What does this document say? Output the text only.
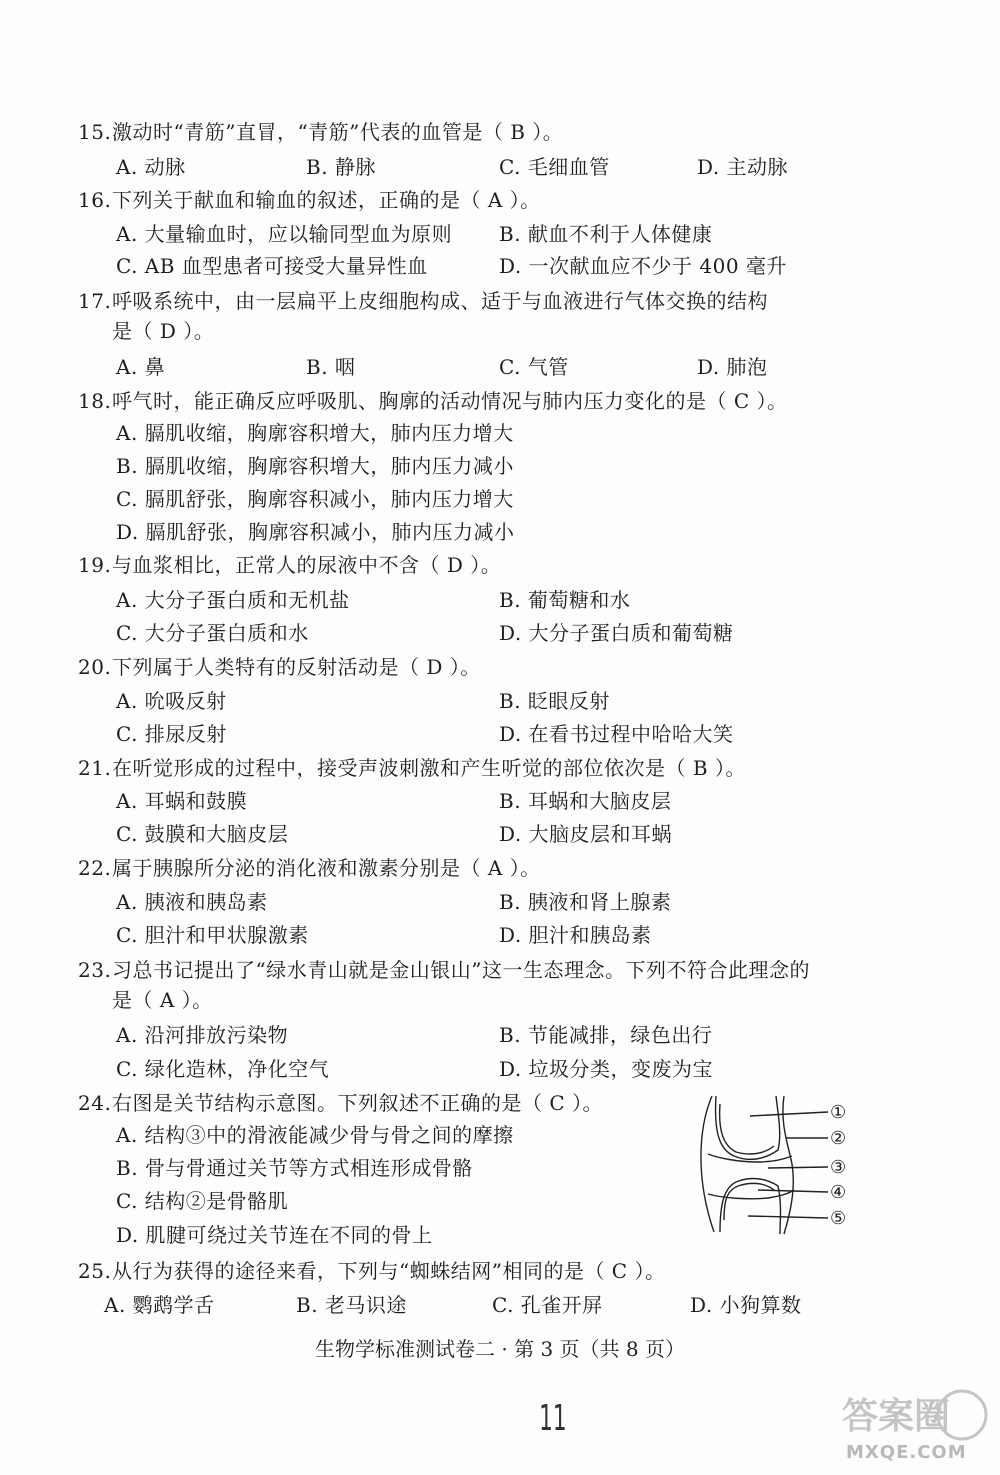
15. 激动时“青筋”直冒，“青筋”代表的血管是（ B ）。
A. 动脉	B. 静脉	C. 毛细血管	D. 主动脉
16. 下列关于献血和输血的叙述，正确的是（ A ）。
A. 大量输血时，应以输同型血为原则 B. 献血不利于人体健康
C. AB 血型患者可接受大量异性血	D. 一次献血应不少于 400 毫升
17. 呼吸系统中，由一层扁平上皮细胞构成、适于与血液进行气体交换的结构
是（ D ）。
A. 鼻	B. 咽	C. 气管	D. 肺泡
18. 呼气时，能正确反应呼吸肌、胸廓的活动情况与肺内压力变化的是（ C ）。
A. 膈肌收缩，胸廓容积增大，肺内压力增大
B. 膈肌收缩，胸廓容积增大，肺内压力减小
C. 膈肌舒张，胸廓容积减小，肺内压力增大
D. 膈肌舒张，胸廓容积减小，肺内压力减小
19. 与血浆相比，正常人的尿液中不含（ D ）。
A. 大分子蛋白质和无机盐	B. 葡萄糖和水
C. 大分子蛋白质和水	D. 大分子蛋白质和葡萄糖
20. 下列属于人类特有的反射活动是（ D ）。
A. 吮吸反射	B. 眨眼反射
C. 排尿反射	D. 在看书过程中哈哈大笑
21. 在听觉形成的过程中，接受声波刺激和产生听觉的部位依次是（ B ）。
A. 耳蜗和鼓膜	B. 耳蜗和大脑皮层
C. 鼓膜和大脑皮层	D. 大脑皮层和耳蜗
22. 属于胰腺所分泌的消化液和激素分别是（ A ）。
A. 胰液和胰岛素	B. 胰液和肾上腺素
C. 胆汁和甲状腺激素	D. 胆汁和胰岛素
23. 习总书记提出了“绿水青山就是金山银山”这一生态理念。下列不符合此理念的
是（ A ）。
A. 沿河排放污染物	B. 节能减排，绿色出行
C. 绿化造林，净化空气	D. 垃圾分类，变废为宝
24. 右图是关节结构示意图。下列叙述不正确的是（ C ）。
A. 结构③中的滑液能减少骨与骨之间的摩擦
B. 骨与骨通过关节等方式相连形成骨骼
C. 结构②是骨骼肌
D. 肌腱可绕过关节连在不同的骨上
①
②
③
④
⑤
25. 从行为获得的途径来看，下列与“蜘蛛结网”相同的是（ C ）。
A. 鹦鹉学舌	B. 老马识途	C. 孔雀开屏	D. 小狗算数
生物学标准测试卷二 · 第 3 页（共 8 页）
11	答案圈
MXQE.COM
